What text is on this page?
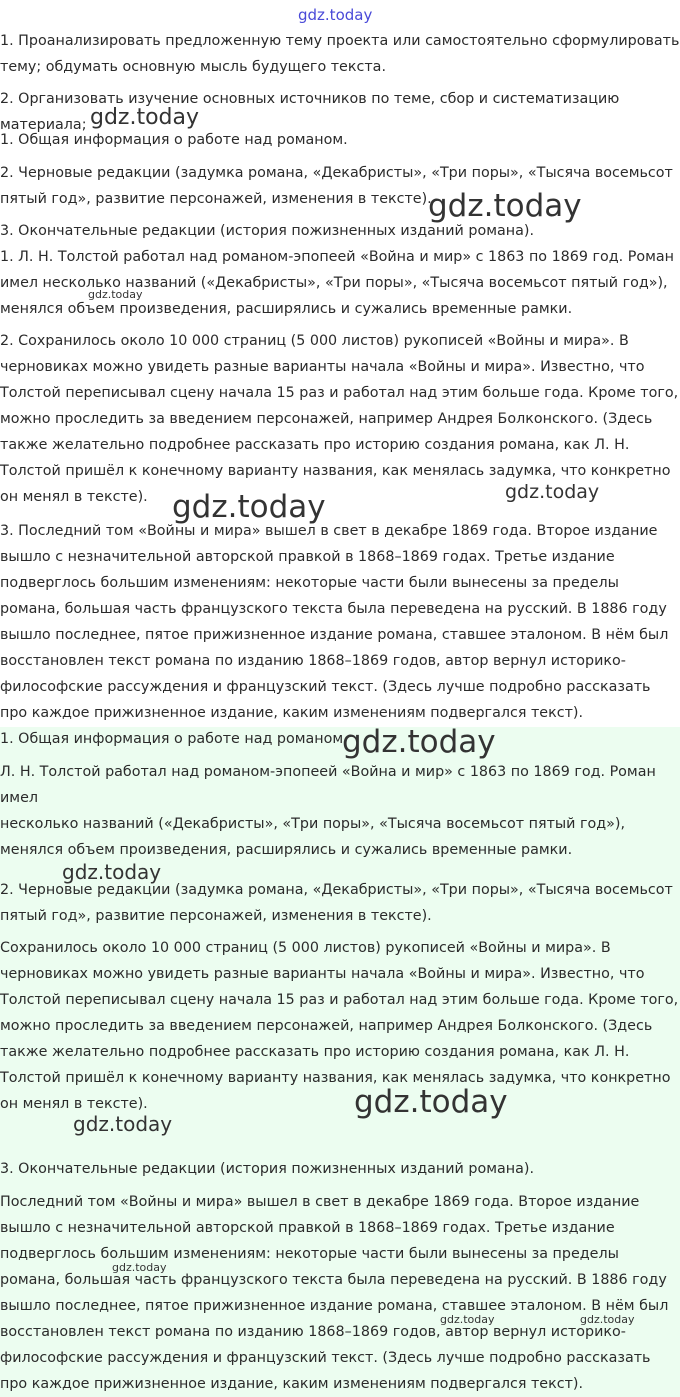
1. Проанализировать предложенную тему проекта или самостоятельно сформулировать
тему; обдумать основную мысль будущего текста.

2. Организовать изучение основных источников по теме, сбор и систематизацию
материала;

1. Общая информация о работе над романом.

2. Черновые редакции (задумка романа, «Декабристы», «Три поры», «Тысяча восемьсот
пятый год», развитие персонажей, изменения в тексте).

3. Окончательные редакции (история пожизненных изданий романа).

1. Л. Н. Толстой работал над романом-эпопеей «Война и мир» с 1863 по 1869 год. Роман
имел несколько названий («Декабристы», «Три поры», «Тысяча восемьсот пятый год»),
менялся объем произведения, расширялись и сужались временные рамки.

2. Сохранилось около 10 000 страниц (5 000 листов) рукописей «Войны и мира». В
черновиках можно увидеть разные варианты начала «Войны и мира». Известно, что
Толстой переписывал сцену начала 15 раз и работал над этим больше года. Кроме того,
можно проследить за введением персонажей, например Андрея Болконского. (Здесь
также желательно подробнее рассказать про историю создания романа, как Л. Н.
Толстой пришёл к конечному варианту названия, как менялась задумка, что конкретно
он менял в тексте).

3. Последний том «Войны и мира» вышел в свет в декабре 1869 года. Второе издание
вышло с незначительной авторской правкой в 1868–1869 годах. Третье издание
подверглось большим изменениям: некоторые части были вынесены за пределы
романа, большая часть французского текста была переведена на русский. В 1886 году
вышло последнее, пятое прижизненное издание романа, ставшее эталоном. В нём был
восстановлен текст романа по изданию 1868–1869 годов, автор вернул историко-
философские рассуждения и французский текст. (Здесь лучше подробно рассказать
про каждое прижизненное издание, каким изменениям подвергался текст).

1. Общая информация о работе над романом.

Л. Н. Толстой работал над романом-эпопеей «Война и мир» с 1863 по 1869 год. Роман имел
несколько названий («Декабристы», «Три поры», «Тысяча восемьсот пятый год»),
менялся объем произведения, расширялись и сужались временные рамки.

2. Черновые редакции (задумка романа, «Декабристы», «Три поры», «Тысяча восемьсот
пятый год», развитие персонажей, изменения в тексте).

Сохранилось около 10 000 страниц (5 000 листов) рукописей «Войны и мира». В
черновиках можно увидеть разные варианты начала «Войны и мира». Известно, что
Толстой переписывал сцену начала 15 раз и работал над этим больше года. Кроме того,
можно проследить за введением персонажей, например Андрея Болконского. (Здесь
также желательно подробнее рассказать про историю создания романа, как Л. Н.
Толстой пришёл к конечному варианту названия, как менялась задумка, что конкретно
он менял в тексте).

3. Окончательные редакции (история пожизненных изданий романа).

Последний том «Войны и мира» вышел в свет в декабре 1869 года. Второе издание
вышло с незначительной авторской правкой в 1868–1869 годах. Третье издание
подверглось большим изменениям: некоторые части были вынесены за пределы
романа, большая часть французского текста была переведена на русский. В 1886 году
вышло последнее, пятое прижизненное издание романа, ставшее эталоном. В нём был
восстановлен текст романа по изданию 1868–1869 годов, автор вернул историко-
философские рассуждения и французский текст. (Здесь лучше подробно рассказать
про каждое прижизненное издание, каким изменениям подвергался текст).

gdz.today
gdz.today
gdz.today
gdz.today
gdz.today	gdz.today
gdz.today
gdz.today
gdz.today
gdz.today
gdz.today
gdz.today	gdz.today
